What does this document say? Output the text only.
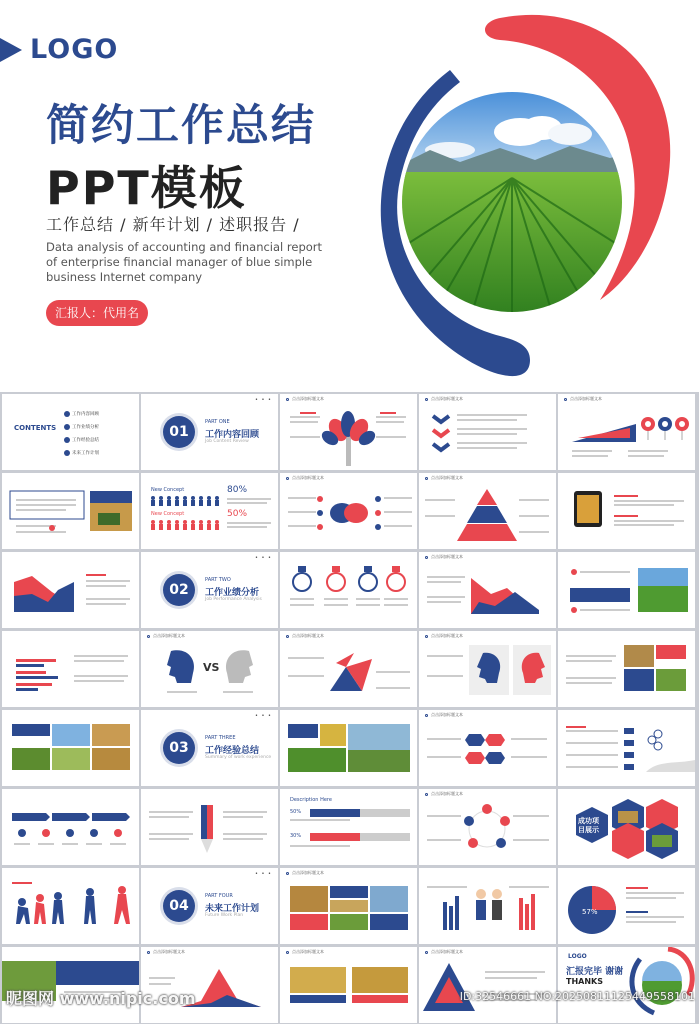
LOGO
简约工作总结
PPT模板
工作总结 / 新年计划 / 述职报告 /
Data analysis of accounting and financial report of enterprise financial manager of blue simple business Internet company
汇报人：代用名
CONTENTS
工作内容回顾
工作业绩分析
工作经验总结
未来工作计划
• • •
01
PART ONE
工作内容回顾
Job Content Review
点击添加标题文本	点击添加标题文本	点击添加标题文本
New Concept	80%
New Concept	50%
点击添加标题文本	点击添加标题文本
• • •
02
PART TWO
工作业绩分析
Job Performance Analysis
点击添加标题文本
VS
点击添加标题文本	点击添加标题文本	点击添加标题文本
• • •
03
PART THREE
工作经验总结
Summary of work experience
点击添加标题文本
Description Here
50%
30%
点击添加标题文本
成功项目展示
• • •
04
PART FOUR
未来工作计划
Future Work Plan
点击添加标题文本
57%
点击添加标题文本	点击添加标题文本	点击添加标题文本
LOGO
汇报完毕 谢谢
THANKS
昵图网 www.nipic.com	ID:32546661 NO:20250811125449558101
